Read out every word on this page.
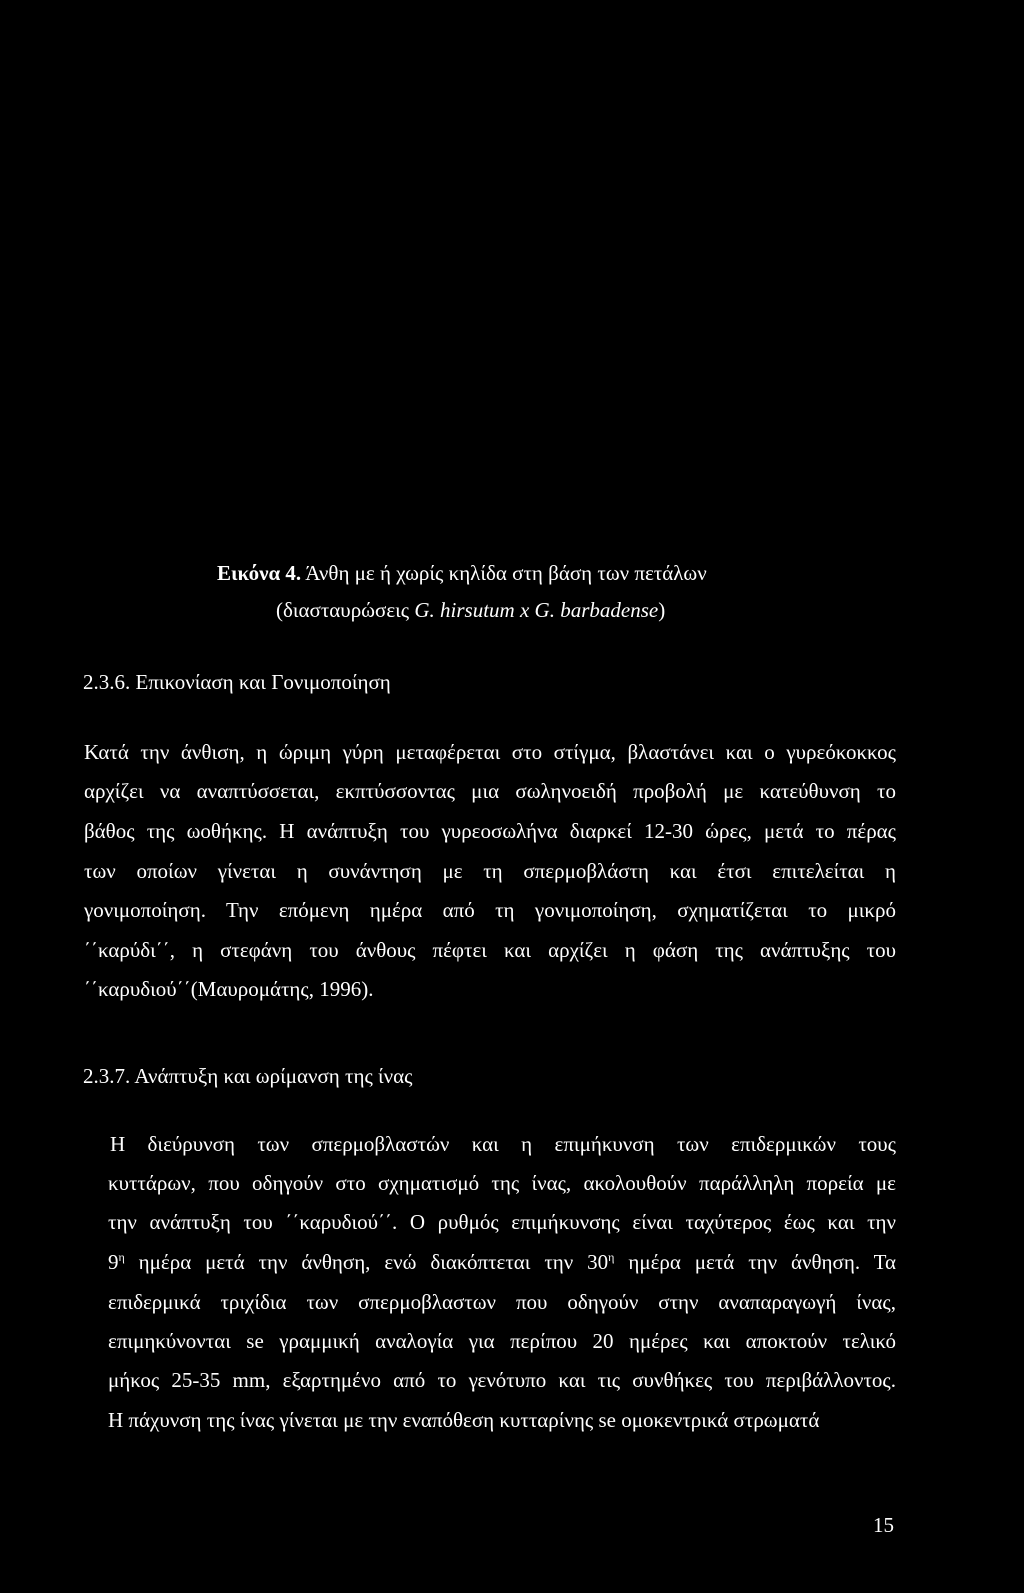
Εικόνα 4. Άνθη με ή χωρίς κηλίδα στη βάση των πετάλων
(διασταυρώσεις G. hirsutum x G. barbadense)
2.3.6. Επικονίαση και Γονιμοποίηση
Κατά την άνθιση, η ώριμη γύρη μεταφέρεται στο στίγμα, βλαστάνει και ο γυρεόκοκκος
αρχίζει να αναπτύσσεται, εκπτύσσοντας μια σωληνοειδή προβολή με κατεύθυνση το
βάθος της ωοθήκης. Η ανάπτυξη του γυρεοσωλήνα διαρκεί 12-30 ώρες, μετά το πέρας
των οποίων γίνεται η συνάντηση με τη σπερμοβλάστη και έτσι επιτελείται η
γονιμοποίηση. Την επόμενη ημέρα από τη γονιμοποίηση, σχηματίζεται το μικρό
΄΄καρύδι΄΄, η στεφάνη του άνθους πέφτει και αρχίζει η φάση της ανάπτυξης του
΄΄καρυδιού΄΄(Μαυρομάτης, 1996).
2.3.7. Ανάπτυξη και ωρίμανση της ίνας
Η διεύρυνση των σπερμοβλαστών και η επιμήκυνση των επιδερμικών τους
κυττάρων, που οδηγούν στο σχηματισμό της ίνας, ακολουθούν παράλληλη πορεία με
την ανάπτυξη του ΄΄καρυδιού΄΄. Ο ρυθμός επιμήκυνσης είναι ταχύτερος έως και την
$9^\eta$ ημέρα μετά την άνθηση, ενώ διακόπτεται την $30^\eta$ ημέρα μετά την άνθηση. Τα
επιδερμικά τριχίδια των σπερμοβλαστων που οδηγούν στην αναπαραγωγή ίνας,
επιμηκύνονται se γραμμική αναλογία για περίπου 20 ημέρες και αποκτούν τελικό
μήκος 25-35 mm, εξαρτημένο από το γενότυπο και τις συνθήκες του περιβάλλοντος.
Η πάχυνση της ίνας γίνεται με την εναπόθεση κυτταρίνης se ομοκεντρικά στρωματά
15
